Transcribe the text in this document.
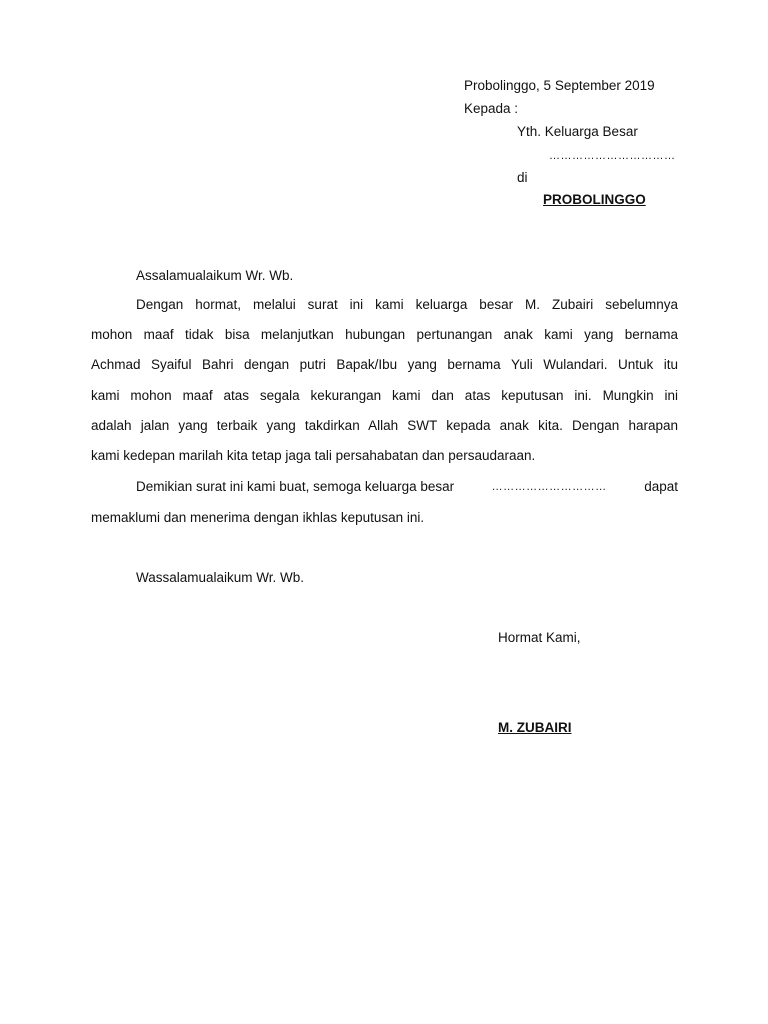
Probolinggo, 5 September 2019
Kepada :
Yth. Keluarga Besar
……………………………
di
PROBOLINGGO
Assalamualaikum Wr. Wb.
Dengan hormat, melalui surat ini kami keluarga besar M. Zubairi sebelumnya
mohon maaf tidak bisa melanjutkan hubungan pertunangan anak kami yang bernama
Achmad Syaiful Bahri dengan putri Bapak/Ibu yang bernama Yuli Wulandari. Untuk itu
kami mohon maaf atas segala kekurangan kami dan atas keputusan ini. Mungkin ini
adalah jalan yang terbaik yang takdirkan Allah SWT kepada anak kita. Dengan harapan
kami kedepan marilah kita tetap jaga tali persahabatan dan persaudaraan.
Demikian surat ini kami buat, semoga keluarga besar	…………………………	dapat
memaklumi dan menerima dengan ikhlas keputusan ini.
Wassalamualaikum Wr. Wb.
Hormat Kami,
M. ZUBAIRI
